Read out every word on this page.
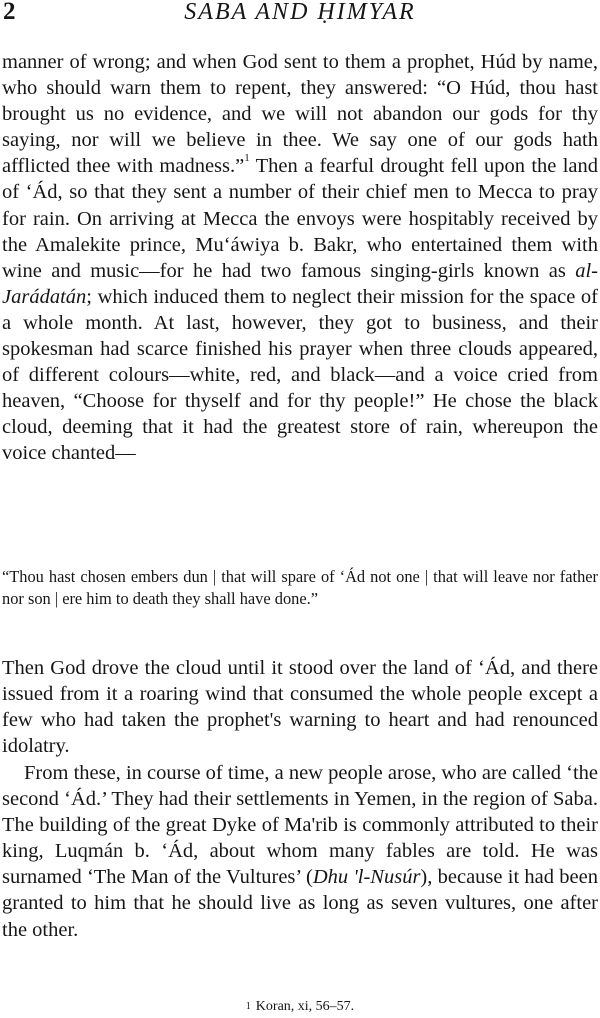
2	SABA AND ḤIMYAR

manner of wrong; and when God sent to them a prophet, Húd by name, who should warn them to repent, they answered: “O Húd, thou hast brought us no evidence, and we will not abandon our gods for thy saying, nor will we believe in thee. We say one of our gods hath afflicted thee with madness.”$^1$ Then a fearful drought fell upon the land of ‘Ád, so that they sent a number of their chief men to Mecca to pray for rain. On arriving at Mecca the envoys were hospitably received by the Amalekite prince, Mu‘áwiya b. Bakr, who entertained them with wine and music—for he had two famous singing-girls known as al-Jarádatán; which induced them to neglect their mission for the space of a whole month. At last, however, they got to business, and their spokesman had scarce finished his prayer when three clouds appeared, of different colours—white, red, and black—and a voice cried from heaven, “Choose for thyself and for thy people!” He chose the black cloud, deeming that it had the greatest store of rain, whereupon the voice chanted—

“Thou hast chosen embers dun | that will spare of ‘Ád not one | that will leave nor father nor son | ere him to death they shall have done.”

Then God drove the cloud until it stood over the land of ‘Ád, and there issued from it a roaring wind that consumed the whole people except a few who had taken the prophet's warning to heart and had renounced idolatry.

From these, in course of time, a new people arose, who are called ‘the second ‘Ád.’ They had their settlements in Yemen, in the region of Saba. The building of the great Dyke of Ma'rib is commonly attributed to their king, Luqmán b. ‘Ád, about whom many fables are told. He was surnamed ‘The Man of the Vultures’ (Dhu 'l-Nusúr), because it had been granted to him that he should live as long as seven vultures, one after the other.

$^1$ Koran, xi, 56–57.
